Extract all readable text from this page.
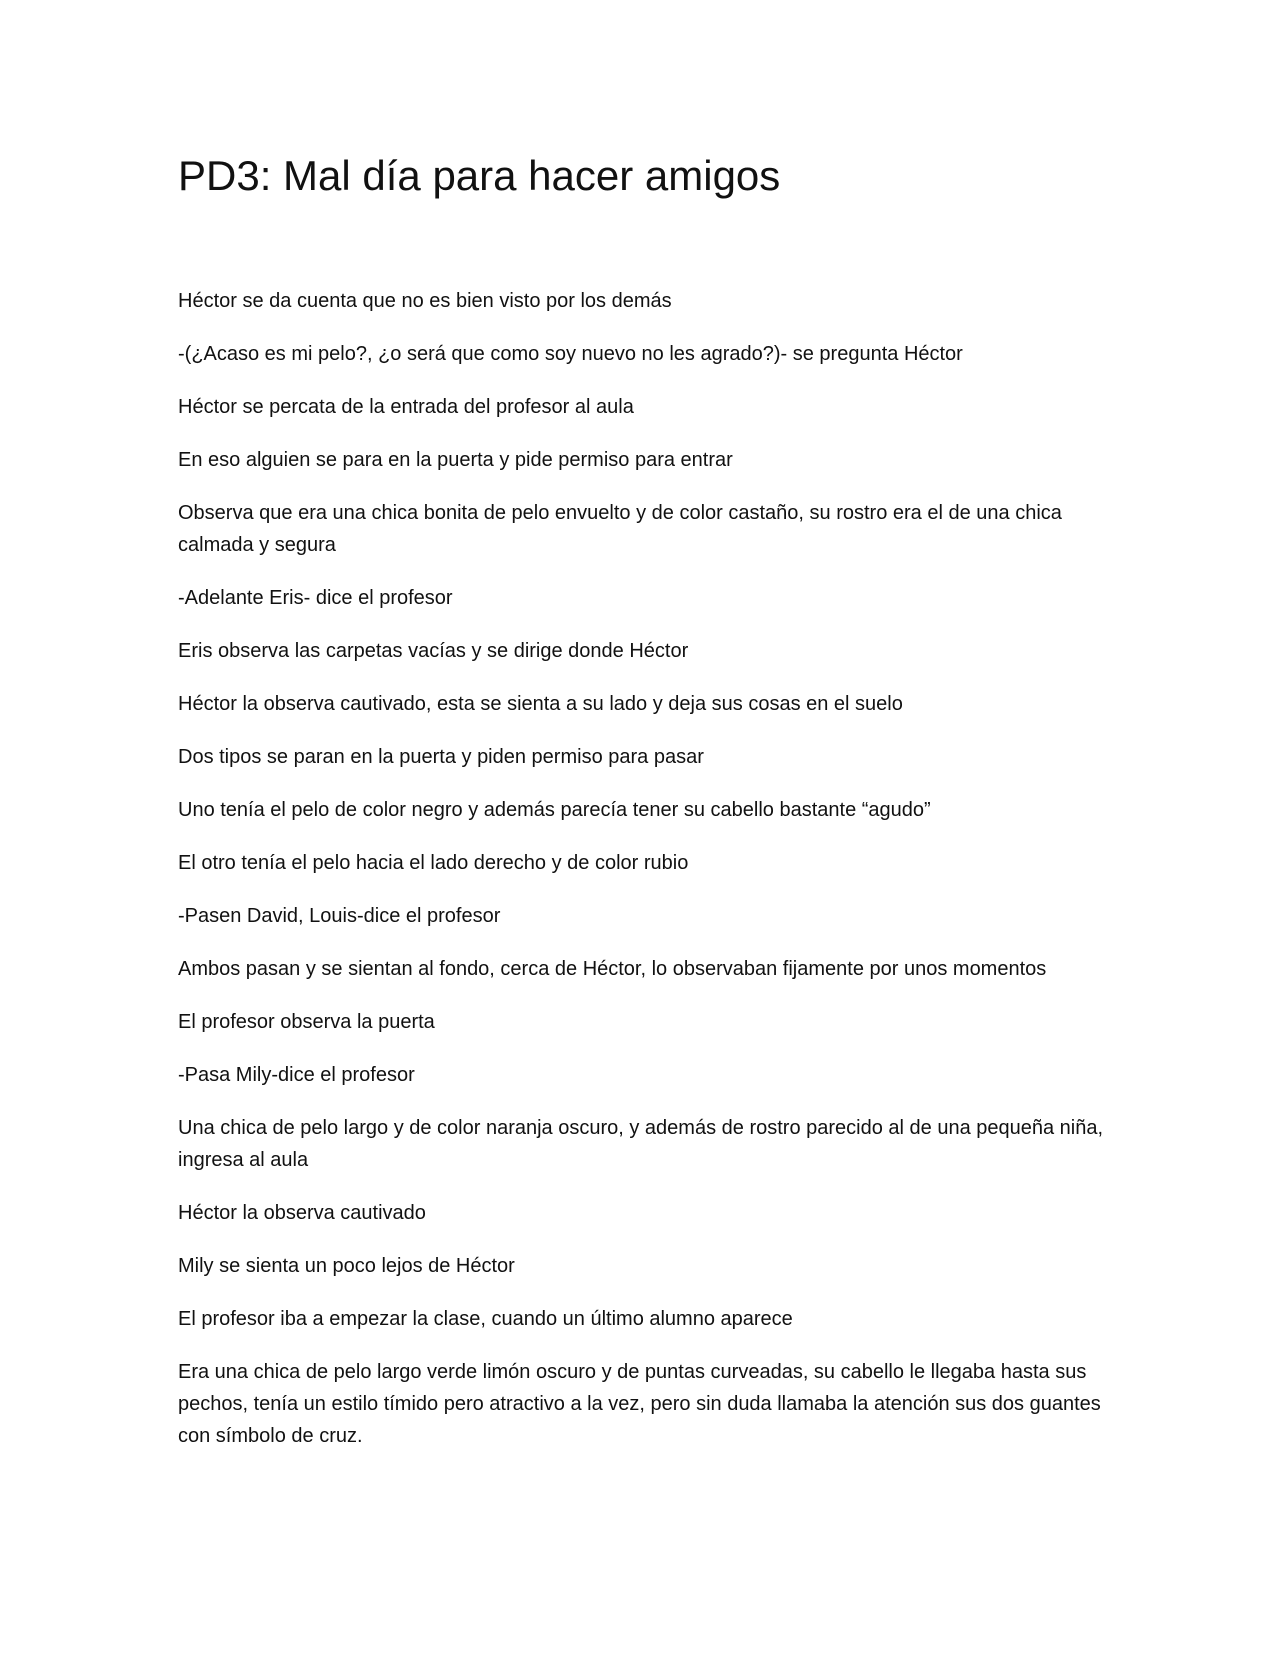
PD3: Mal día para hacer amigos

Héctor se da cuenta que no es bien visto por los demás

-(¿Acaso es mi pelo?, ¿o será que como soy nuevo no les agrado?)- se pregunta Héctor

Héctor se percata de la entrada del profesor al aula

En eso alguien se para en la puerta y pide permiso para entrar

Observa que era una chica bonita de pelo envuelto y de color castaño, su rostro era el de una chica calmada y segura

-Adelante Eris- dice el profesor

Eris observa las carpetas vacías y se dirige donde Héctor

Héctor la observa cautivado, esta se sienta a su lado y deja sus cosas en el suelo

Dos tipos se paran en la puerta y piden permiso para pasar

Uno tenía el pelo de color negro y además parecía tener su cabello bastante “agudo”

El otro tenía el pelo hacia el lado derecho y de color rubio

-Pasen David, Louis-dice el profesor

Ambos pasan y se sientan al fondo, cerca de Héctor, lo observaban fijamente por unos momentos

El profesor observa la puerta

-Pasa Mily-dice el profesor

Una chica de pelo largo y de color naranja oscuro, y además de rostro parecido al de una pequeña niña, ingresa al aula

Héctor la observa cautivado

Mily se sienta un poco lejos de Héctor

El profesor iba a empezar la clase, cuando un último alumno aparece

Era una chica de pelo largo verde limón oscuro y de puntas curveadas, su cabello le llegaba hasta sus pechos, tenía un estilo tímido pero atractivo a la vez, pero sin duda llamaba la atención sus dos guantes con símbolo de cruz.
